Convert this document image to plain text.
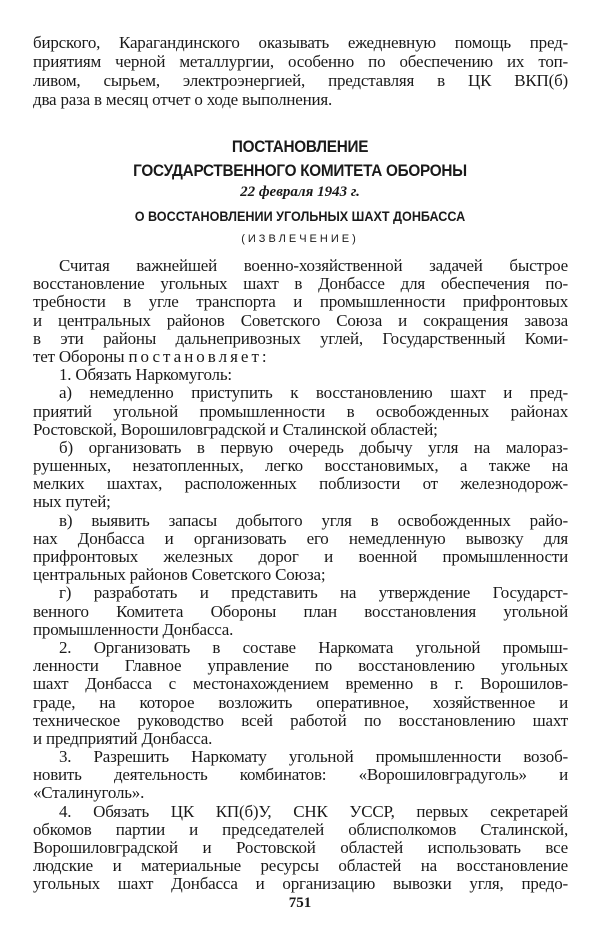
бирского, Карагандинского оказывать ежедневную помощь пред-
приятиям черной металлургии, особенно по обеспечению их топ-
ливом, сырьем, электроэнергией, представляя в ЦК ВКП(б)
два раза в месяц отчет о ходе выполнения.
ПОСТАНОВЛЕНИЕ
ГОСУДАРСТВЕННОГО КОМИТЕТА ОБОРОНЫ
22 февраля 1943 г.
О ВОССТАНОВЛЕНИИ УГОЛЬНЫХ ШАХТ ДОНБАССА
(ИЗВЛЕЧЕНИЕ)
Считая важнейшей военно-хозяйственной задачей быстрое
восстановление угольных шахт в Донбассе для обеспечения по-
требности в угле транспорта и промышленности прифронтовых
и центральных районов Советского Союза и сокращения завоза
в эти районы дальнепривозных углей, Государственный Коми-
тет Обороны постановляет:
1. Обязать Наркомуголь:
а) немедленно приступить к восстановлению шахт и пред-
приятий угольной промышленности в освобожденных районах
Ростовской, Ворошиловградской и Сталинской областей;
б) организовать в первую очередь добычу угля на малораз-
рушенных, незатопленных, легко восстановимых, а также на
мелких шахтах, расположенных поблизости от железнодорож-
ных путей;
в) выявить запасы добытого угля в освобожденных райо-
нах Донбасса и организовать его немедленную вывозку для
прифронтовых железных дорог и военной промышленности
центральных районов Советского Союза;
г) разработать и представить на утверждение Государст-
венного Комитета Обороны план восстановления угольной
промышленности Донбасса.
2. Организовать в составе Наркомата угольной промыш-
ленности Главное управление по восстановлению угольных
шахт Донбасса с местонахождением временно в г. Ворошилов-
граде, на которое возложить оперативное, хозяйственное и
техническое руководство всей работой по восстановлению шахт
и предприятий Донбасса.
3. Разрешить Наркомату угольной промышленности возоб-
новить деятельность комбинатов: «Ворошиловградуголь» и
«Сталинуголь».
4. Обязать ЦК КП(б)У, СНК УССР, первых секретарей
обкомов партии и председателей облисполкомов Сталинской,
Ворошиловградской и Ростовской областей использовать все
людские и материальные ресурсы областей на восстановление
угольных шахт Донбасса и организацию вывозки угля, предо-
751
